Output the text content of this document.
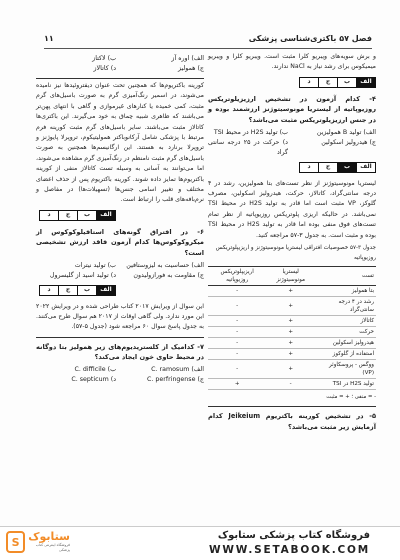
فصل ۵۷ باکتری‌شناسی پزشکی
۱۱
و برش سویه‌های ویبریو کلرا مثبت است. ویبریو کلرا و ویبریو میمیکوس برای رشد نیاز به NaCl ندارند.
د	ج	ب	الف
۴- کدام آزمون در تشخیص ارزیزیلوتریکس روزیوپاتیه از لیستریا مونوسیتوژنز ارزشمند بوده و در جنس ارزیزیلوتریکس مثبت می‌باشد؟
الف) تولید B همولیزین
ب) تولید H2S در محیط TSI
ج) هیدرولیز اسکولین
د) حرکت در ۲۵ درجه سانتی گراد
د	ج	ب	الف
لیستریا مونوسیتوژنز از نظر تست‌های بتا همولیزین، رشد در ۴ درجه سانتی‌گراد، کاتالاز، حرکت، هیدرولیز اسکولین، مصرف گلوکز، VP مثبت است اما قادر به تولید H2S در محیط TSI نمی‌باشد. در حالیکه اریزی پلوتریکس روزیوپاتیه از نظر تمام تست‌های فوق منفی بوده اما قادر به تولید H2S در محیط TSI بوده و مثبت است. به جدول ۳-۵۷ مراجعه کنید.
جدول ۳-۵۷ خصوصیات افتراقی لیستریا مونوسیتوژنز و اریزیپلوتریکس روزیوپاتیه
تست	لیستریا مونوسیتوژنز	اریزیپلوتریکس روزیوپاتیه
بتا همولیز	+	-
رشد در ۴ درجه سانتی‌گراد	+	-
کاتالاز	+	-
حرکت	+	-
هیدرولیز اسکولین	+	-
استفاده از گلوکوز	+	-
ووگس - پروسکاوئر (VP)	+	-
تولید H2S در TSI	-	+
- = منفی ؛ + = مثبت
۵- در تشخیص کورینه باکتریوم Jeikeium کدام آزمایش زیر مثبت می‌باشد؟
الف) اوره آز
ب) لاکتاز
ج) همولیز
د) کاتالاز
کورینه باکتریوم‌ها که همچنین تحت عنوان دیفتروئیدها نیز نامیده می‌شوند، در اسمیر رنگ‌آمیزی گرم به صورت باسیل‌های گرم مثبت، کمی خمیده یا کنارهای غیرموازی و گاهی با انتهای پهن‌تر می‌باشند که ظاهری شبیه چماق به خود می‌گیرند. این باکتری‌ها کاتالاز مثبت می‌باشند. سایر باسیل‌های گرم مثبت کورینه فرم مرتبط با پزشکی شامل آرکانوباکتر همولیتیکوم، تروپرلا پایوژنز و تروپرلا برنارد به هستند. این ارگانیسم‌ها همچنین به صورت باسیل‌های گرم مثبت نامنظم در رنگ‌آمیزی گرم مشاهده می‌شوند، اما می‌توانند به آسانی به وسیله تست کاتالاز منفی از کورینه باکتریوم‌ها تمایز داده شوند. کورینه باکتریوم پس از حذف اعضای مختلف و تغییر اسامی جنس‌ها (تسهیلات‌ها) در مفاصل و نرم‌بافه‌های قلب را ارتباط است.
د	ج	ب	الف
۶- در افتراق گونه‌های استافیلوکوکوس از میکروکوکوس‌ها کدام آزمون فاقد ارزش تشخیصی است؟
الف) حساسیت به لیزوستافین
ب) تولید نیترات
ج) مقاومت به فورازولیدون
د) تولید اسید از گلیسرول
د	ج	ب	الف
این سوال از ویرایش ۲۰۱۷ کتاب طراحی شده و در ویرایش ۲۰۲۲ این مورد ندارد. ولی گاهی اوقات از ۲۰۱۷ هم سوال طرح می‌کنند. به جدول پاسخ سوال ۶۰ مراجعه شود (جدول ۵-۵۷).
۷- کدامیک از کلستریدیوم‌های زیر همولیز بتا دوگانه در محیط حاوی خون ایجاد می‌کند؟
الف) C. ramosum
ب) C. difficile
ج) C. perfringense
د) C. septicum
S ستابوک
فروشگاه اینترنتی کتاب پزشکی
فروشگاه کتاب پزشکی ستابوک
WWW.SETABOOK.COM
